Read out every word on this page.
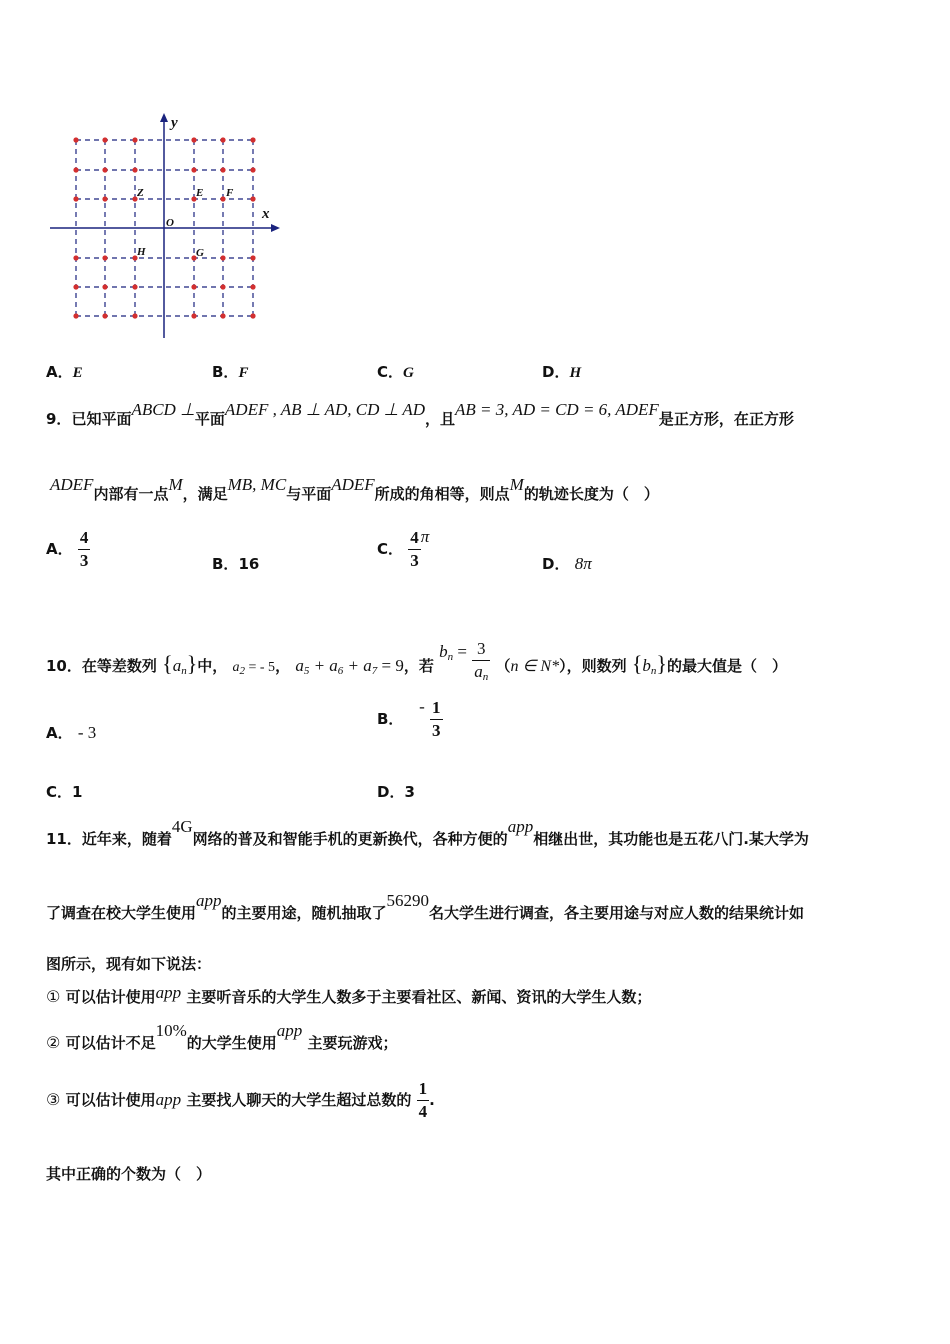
y
x
O
Z	E F
H	G
A．E	B．F	C．G	D．H
9．已知平面ABCD ⊥平面ADEF , AB ⊥ AD, CD ⊥ AD，且AB = 3, AD = CD = 6, ADEF是正方形，在正方形
ADEF内部有一点M，满足MB, MC与平面ADEF所成的角相等，则点M的轨迹长度为（　）
A． $\frac{4}{3}$	B．16
C． $\frac{4}{3}$ π
D． 8π
10．在等差数列 $\{a_n\}$中， $a_2$ = - 5， $a_5 + a_6 + a_7 = 9$，若 $b_n = \frac{3}{a_n} (n$ ∈ N*），则数列 $\{b_n\}$的最大值是（　）
A． - 3
B．   - $\frac{1}{3}$
C．1	D．3
11．近年来，随着4G网络的普及和智能手机的更新换代，各种方便的app相继出世，其功能也是五花八门.某大学为
了调查在校大学生使用app的主要用途，随机抽取了56290名大学生进行调查，各主要用途与对应人数的结果统计如
图所示，现有如下说法：
① 可以估计使用app 主要听音乐的大学生人数多于主要看社区、新闻、资讯的大学生人数；
② 可以估计不足10%的大学生使用app 主要玩游戏；
③ 可以估计使用app 主要找人聊天的大学生超过总数的 $\frac{1}{4}$ .
其中正确的个数为（　）
